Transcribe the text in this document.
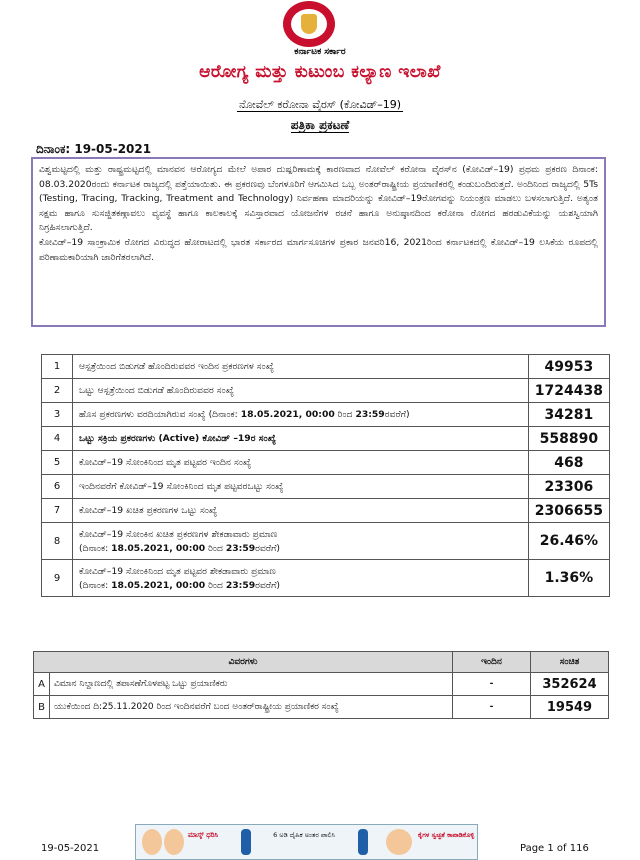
ಕರ್ನಾಟಕ ಸರ್ಕಾರ
ಆರೋಗ್ಯ ಮತ್ತು ಕುಟುಂಬ ಕಲ್ಯಾಣ ಇಲಾಖೆ
ನೋವೆಲ್ ಕರೋನಾ ವೈರಸ್ (ಕೋವಿಡ್–19)
ಪತ್ರಿಕಾ ಪ್ರಕಟಣೆ
ದಿನಾಂಕ: 19-05-2021

ವಿಶ್ವಮಟ್ಟದಲ್ಲಿ ಮತ್ತು ರಾಷ್ಟ್ರಮಟ್ಟದಲ್ಲಿ ಮಾನವನ ಆರೋಗ್ಯದ ಮೇಲೆ ಅಪಾರ ದುಷ್ಪರಿಣಾಮಕ್ಕೆ ಕಾರಣವಾದ ನೋವೆಲ್ ಕರೋನಾ ವೈರಸ್‌ನ (ಕೋವಿಡ್–19) ಪ್ರಥಮ ಪ್ರಕರಣ ದಿನಾಂಕ: 08.03.2020ರಂದು ಕರ್ನಾಟಕ ರಾಜ್ಯದಲ್ಲಿ ಪತ್ತೆಯಾಯಿತು. ಈ ಪ್ರಕರಣವು ಬೆಂಗಳೂರಿಗೆ ಆಗಮಿಸಿದ ಒಬ್ಬ ಅಂತರ್‌ರಾಷ್ಟ್ರೀಯ ಪ್ರಯಾಣಿಕರಲ್ಲಿ ಕಂಡುಬಂದಿರುತ್ತದೆ. ಅಂದಿನಿಂದ ರಾಜ್ಯದಲ್ಲಿ 5Ts (Testing, Tracing, Tracking, Treatment and Technology) ನಿರ್ವಹಣಾ ಮಾದರಿಯನ್ನು ಕೋವಿಡ್–19ರೋಗವನ್ನು ನಿಯಂತ್ರಣ ಮಾಡಲು ಬಳಸಲಾಗುತ್ತಿದೆ. ಅತ್ಯಂತ ಸಕ್ಷಮ ಹಾಗೂ ಸುಸಜ್ಜಿತಕಣ್ಗಾವಲು ವ್ಯವಸ್ಥೆ ಹಾಗೂ ಕಾಲಕಾಲಕ್ಕೆ ಸವಿಸ್ತಾರವಾದ ಯೋಜನೆಗಳ ರಚನೆ ಹಾಗೂ ಅನುಷ್ಠಾನದಿಂದ ಕರೋನಾ ರೋಗದ ಹರಡುವಿಕೆಯನ್ನು ಯಶಸ್ವಿಯಾಗಿ ನಿಗ್ರಹಿಸಲಾಗುತ್ತಿದೆ.

ಕೋವಿಡ್–19 ಸಾಂಕ್ರಾಮಿಕ ರೋಗದ ವಿರುದ್ಧದ ಹೋರಾಟದಲ್ಲಿ ಭಾರತ ಸರ್ಕಾರದ ಮಾರ್ಗಸೂಚಿಗಳ ಪ್ರಕಾರ ಜನವರಿ16, 2021ರಿಂದ ಕರ್ನಾಟಕದಲ್ಲಿ ಕೋವಿಡ್–19 ಲಸಿಕೆಯ ರೂಪದಲ್ಲಿ ಪರಿಣಾಮಕಾರಿಯಾಗಿ ಜಾರಿಗೆತರಲಾಗಿದೆ.

1	ಆಸ್ಪತ್ರೆಯಿಂದ ಬಿಡುಗಡೆ ಹೊಂದಿರುವವರ ಇಂದಿನ ಪ್ರಕರಣಗಳ ಸಂಖ್ಯೆ	49953
2	ಒಟ್ಟು ಆಸ್ಪತ್ರೆಯಿಂದ ಬಿಡುಗಡೆ ಹೊಂದಿರುವವರ ಸಂಖ್ಯೆ	1724438
3	ಹೊಸ ಪ್ರಕರಣಗಳು ವರದಿಯಾಗಿರುವ ಸಂಖ್ಯೆ (ದಿನಾಂಕ: 18.05.2021, 00:00 ರಿಂದ 23:59ರವರೆಗೆ)	34281
4	ಒಟ್ಟು ಸಕ್ರಿಯ ಪ್ರಕರಣಗಳು (Active) ಕೋವಿಡ್ –19ರ ಸಂಖ್ಯೆ	558890
5	ಕೋವಿಡ್–19 ಸೋಂಕಿನಿಂದ ಮೃತ ಪಟ್ಟವರ ಇಂದಿನ ಸಂಖ್ಯೆ	468
6	ಇಂದಿನವರೆಗೆ ಕೋವಿಡ್–19 ಸೋಂಕಿನಿಂದ ಮೃತ ಪಟ್ಟವರಒಟ್ಟು ಸಂಖ್ಯೆ	23306
7	ಕೋವಿಡ್–19 ಖಚಿತ ಪ್ರಕರಣಗಳ ಒಟ್ಟು ಸಂಖ್ಯೆ	2306655
8	ಕೋವಿಡ್–19 ಸೋಂಕಿನ ಖಚಿತ ಪ್ರಕರಣಗಳ ಶೇಕಡಾವಾರು ಪ್ರಮಾಣ
(ದಿನಾಂಕ: 18.05.2021, 00:00 ರಿಂದ 23:59ರವರೆಗೆ)	26.46%
9	ಕೋವಿಡ್–19 ಸೋಂಕಿನಿಂದ ಮೃತ ಪಟ್ಟವರ ಶೇಕಡಾವಾರು ಪ್ರಮಾಣ
(ದಿನಾಂಕ: 18.05.2021, 00:00 ರಿಂದ 23:59ರವರೆಗೆ)	1.36%
ವಿವರಗಳು		ಇಂದಿನ	ಸಂಚಿತ
A	ವಿಮಾನ ನಿಲ್ದಾಣದಲ್ಲಿ ತಪಾಸಣೆಗೊಳಪಟ್ಟ ಒಟ್ಟು ಪ್ರಯಾಣಿಕರು	-	352624
B	ಯುಕೆಯಿಂದ ದಿ:25.11.2020 ರಿಂದ ಇಂದಿನವರೆಗೆ ಬಂದ ಅಂತರ್‌ರಾಷ್ಟ್ರೀಯ ಪ್ರಯಾಣಿಕರ ಸಂಖ್ಯೆ	-	19549
ಮಾಸ್ಕ್ ಧರಿಸಿ	6 ಅಡಿ ದೈಹಿಕ ಅಂತರ ಪಾಲಿಸಿ	ಕೈಗಳ ಸ್ವಚ್ಛತೆ ಕಾಪಾಡಿಕೊಳ್ಳಿ
19-05-2021	Page 1 of 116
